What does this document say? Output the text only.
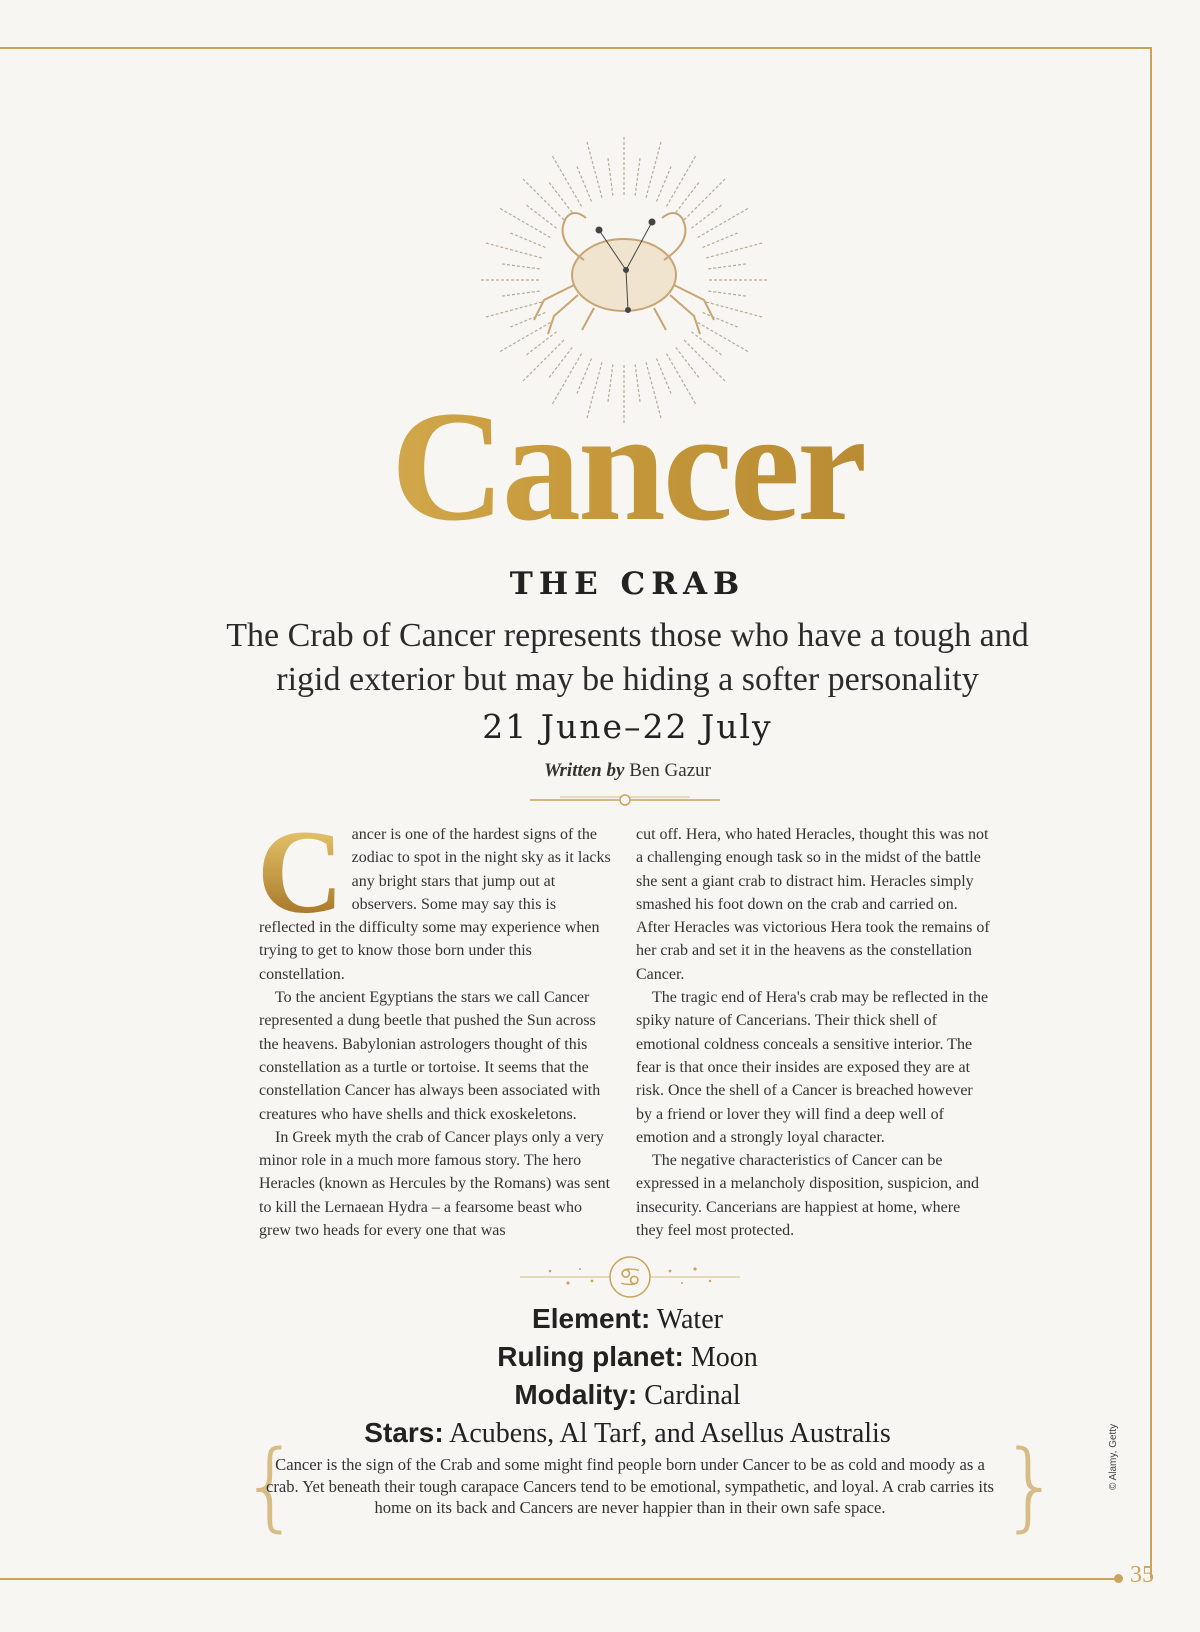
35
© Alamy, Getty
Cancer
THE CRAB
The Crab of Cancer represents those who have a tough and rigid exterior but may be hiding a softer personality
21 June–22 July
Written by Ben Gazur

C ancer is one of the hardest signs of the zodiac to spot in the night sky as it lacks any bright stars that jump out at observers. Some may say this is reflected in the difficulty some may experience when trying to get to know those born under this constellation.

To the ancient Egyptians the stars we call Cancer represented a dung beetle that pushed the Sun across the heavens. Babylonian astrologers thought of this constellation as a turtle or tortoise. It seems that the constellation Cancer has always been associated with creatures who have shells and thick exoskeletons.

In Greek myth the crab of Cancer plays only a very minor role in a much more famous story. The hero Heracles (known as Hercules by the Romans) was sent to kill the Lernaean Hydra – a fearsome beast who grew two heads for every one that was

cut off. Hera, who hated Heracles, thought this was not a challenging enough task so in the midst of the battle she sent a giant crab to distract him. Heracles simply smashed his foot down on the crab and carried on. After Heracles was victorious Hera took the remains of her crab and set it in the heavens as the constellation Cancer.

The tragic end of Hera's crab may be reflected in the spiky nature of Cancerians. Their thick shell of emotional coldness conceals a sensitive interior. The fear is that once their insides are exposed they are at risk. Once the shell of a Cancer is breached however by a friend or lover they will find a deep well of emotion and a strongly loyal character.

The negative characteristics of Cancer can be expressed in a melancholy disposition, suspicion, and insecurity. Cancerians are happiest at home, where they feel most protected.

♋
Element: Water
Ruling planet: Moon
Modality: Cardinal
Stars: Acubens, Al Tarf, and Asellus Australis
{
Cancer is the sign of the Crab and some might find people born under Cancer to be as cold and moody as a crab. Yet beneath their tough carapace Cancers tend to be emotional, sympathetic, and loyal. A crab carries its home on its back and Cancers are never happier than in their own safe space.	}
